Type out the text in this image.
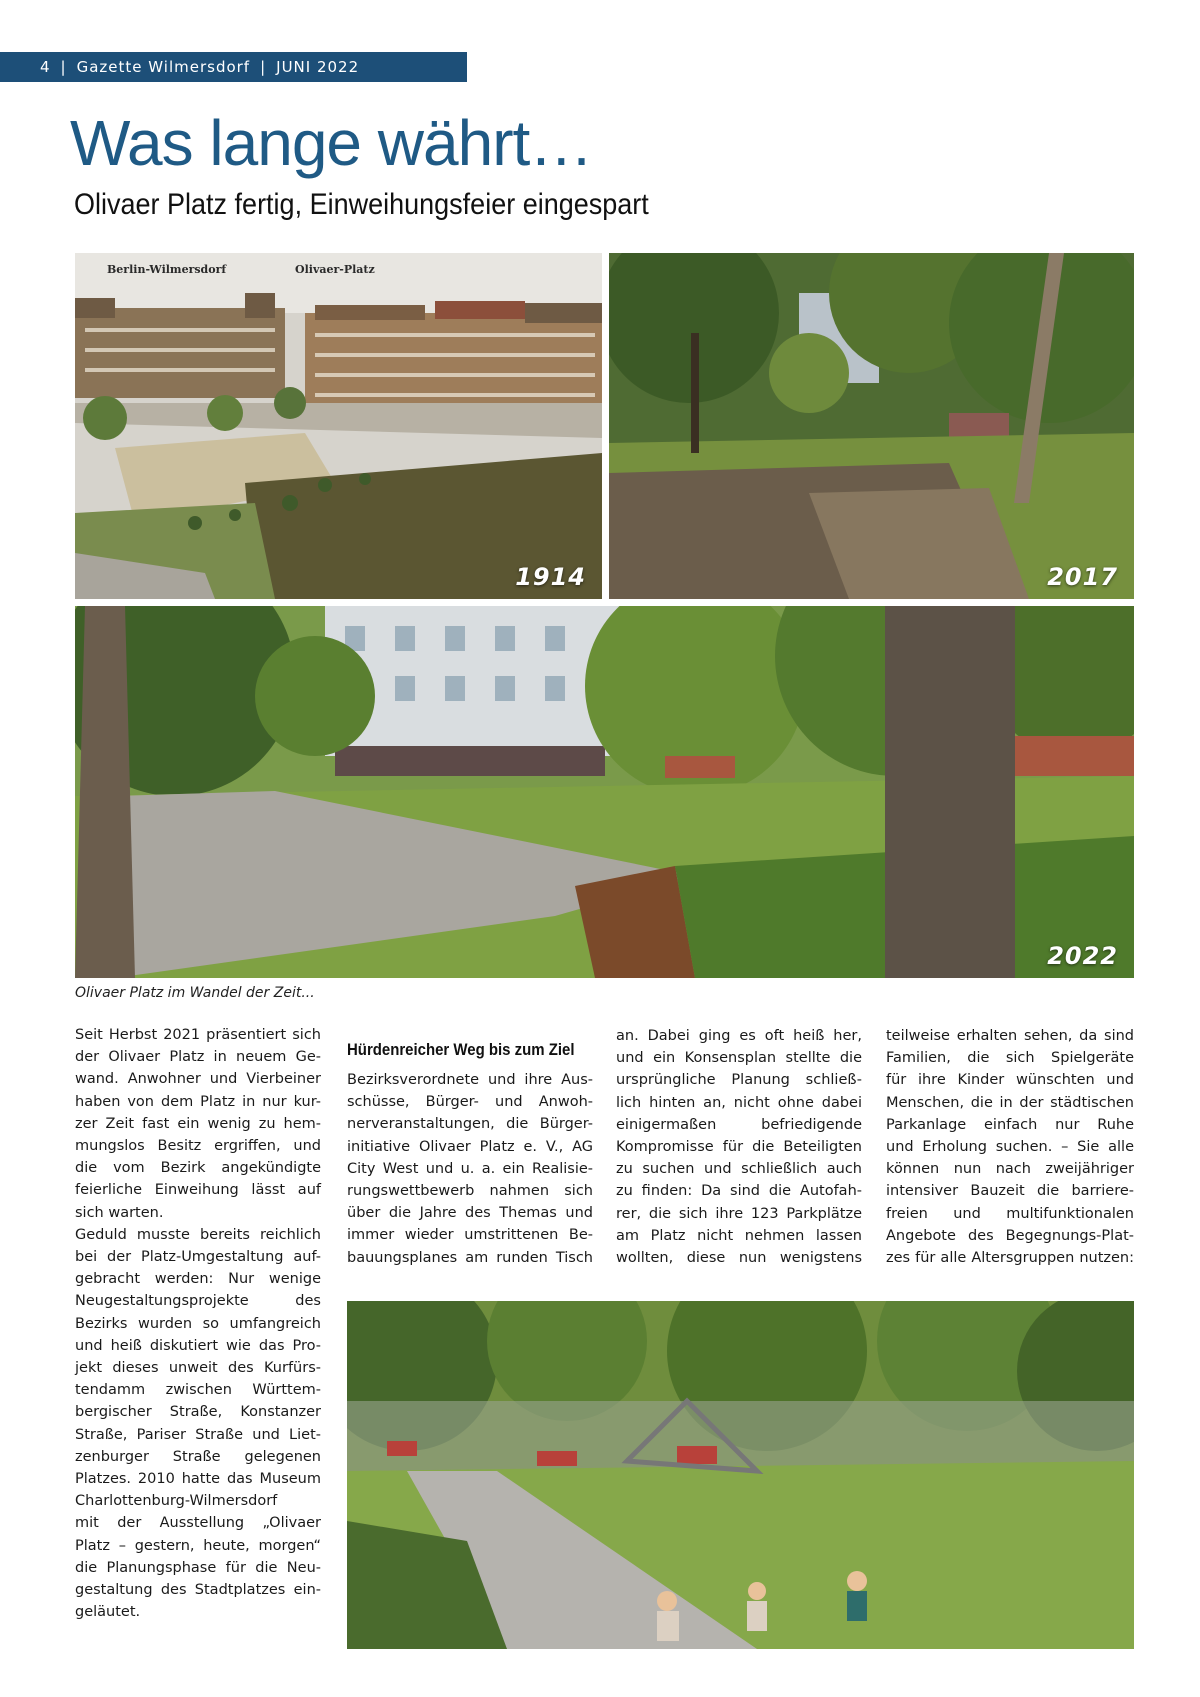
4 | Gazette Wilmersdorf | JUNI 2022
Was lange währt…
Olivaer Platz fertig, Einweihungsfeier eingespart
Berlin-Wilmersdorf	Olivaer-Platz
1914	2017
2022
Olivaer Platz im Wandel der Zeit...
Seit Herbst 2021 präsentiert sich
der Olivaer Platz in neuem Ge-
wand. Anwohner und Vierbeiner
haben von dem Platz in nur kur-
zer Zeit fast ein wenig zu hem-
mungslos Besitz ergriffen, und
die vom Bezirk angekündigte
feierliche Einweihung lässt auf
sich warten.
Geduld musste bereits reichlich
bei der Platz-Umgestaltung auf-
gebracht werden: Nur wenige
Neugestaltungsprojekte des
Bezirks wurden so umfangreich
und heiß diskutiert wie das Pro-
jekt dieses unweit des Kurfürs-
tendamm zwischen Württem-
bergischer Straße, Konstanzer
Straße, Pariser Straße und Liet-
zenburger Straße gelegenen
Platzes. 2010 hatte das Museum
Charlottenburg-Wilmersdorf
mit der Ausstellung „Olivaer
Platz – gestern, heute, morgen“
die Planungsphase für die Neu-
gestaltung des Stadtplatzes ein-
geläutet.
Hürdenreicher Weg bis zum Ziel
Bezirksverordnete und ihre Aus-
schüsse, Bürger- und Anwoh-
nerveranstaltungen, die Bürger-
initiative Olivaer Platz e. V., AG
City West und u. a. ein Realisie-
rungswettbewerb nahmen sich
über die Jahre des Themas und
immer wieder umstrittenen Be-
bauungsplanes am runden Tisch
an. Dabei ging es oft heiß her,
und ein Konsensplan stellte die
ursprüngliche Planung schließ-
lich hinten an, nicht ohne dabei
einigermaßen befriedigende
Kompromisse für die Beteiligten
zu suchen und schließlich auch
zu finden: Da sind die Autofah-
rer, die sich ihre 123 Parkplätze
am Platz nicht nehmen lassen
wollten, diese nun wenigstens
teilweise erhalten sehen, da sind
Familien, die sich Spielgeräte
für ihre Kinder wünschten und
Menschen, die in der städtischen
Parkanlage einfach nur Ruhe
und Erholung suchen. – Sie alle
können nun nach zweijähriger
intensiver Bauzeit die barriere-
freien und multifunktionalen
Angebote des Begegnungs-Plat-
zes für alle Altersgruppen nutzen:
